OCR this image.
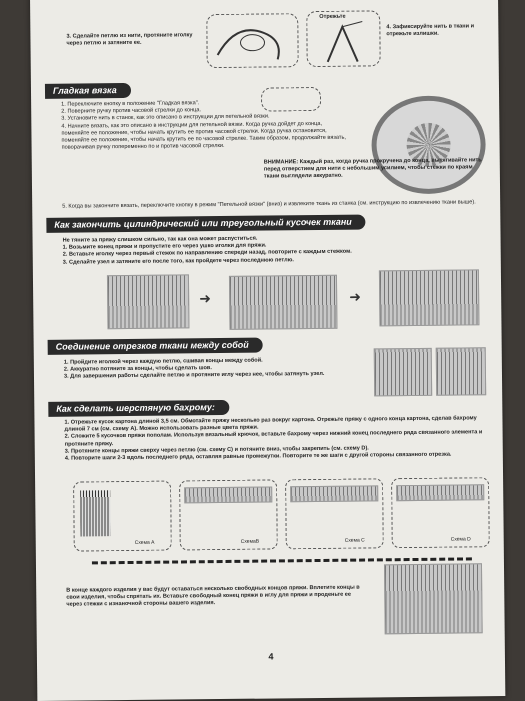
3. Сделайте петлю из нити, протяните иголку через петлю и затяните ее.
Отрежьте
4. Зафиксируйте нить в ткани и отрежьте излишки.
Гладкая вязка
1. Переключите кнопку в положение "Гладкая вязка".
2. Поверните ручку против часовой стрелки до конца.
3. Установите нить в станок, как это описано в инструкции для петельной вязки.
4. Начните вязать, как это описано в инструкции для петельной вязки. Когда ручка дойдет до конца, поменяйте ее положение, чтобы начать крутить ее против часовой стрелки. Когда ручка остановится, поменяйте ее положение, чтобы начать крутить ее по часовой стрелке. Таким образом, продолжайте вязать, поворачивая ручку попеременно по и против часовой стрелки.
ВНИМАНИЕ: Каждый раз, когда ручка прокручена до конца, вытягивайте нить перед отверстием для нити с небольшим усилием, чтобы стежки по краям ткани выглядели аккуратно.
5. Когда вы закончите вязать, переключите кнопку в режим "Петельной вязки" (вниз) и извлеките ткань из станка (см. инструкцию по извлечению ткани выше).
Как закончить цилиндрический или треугольный кусочек ткани
Не тяните за пряжу слишком сильно, так как она может распуститься.
1. Возьмите конец пряжи и пропустите его через ушко иголки для пряжи.
2. Вставьте иголку через первый стежок по направлению спереди назад, повторите с каждым стежком.
3. Сделайте узел и затяните его после того, как пройдете через последнюю петлю.
➜	➜
Соединение отрезков ткани между собой
1. Пройдите иголкой через каждую петлю, сшивая концы между собой.
2. Аккуратно потяните за концы, чтобы сделать шов.
3. Для завершения работы сделайте петлю и протяните иглу через нее, чтобы затянуть узел.
Как сделать шерстяную бахрому:
1. Отрежьте кусок картона длиной 3,5 см. Обмотайте пряжу несколько раз вокруг картона. Отрежьте пряжу с одного конца картона, сделав бахрому длиной 7 см (см. схему А). Можно использовать разные цвета пряжи.
2. Сложите 5 кусочков пряжи пополам. Используя вязальный крючок, вставьте бахрому через нижний конец последнего ряда связанного элемента и протяните пряжу.
3. Протяните концы пряжи сверху через петлю (см. схему С) и потяните вниз, чтобы закрепить (см. схему D).
4. Повторите шаги 2-3 вдоль последнего ряда, оставляя равные промежутки. Повторите те же шаги с другой стороны связанного отрезка.
Схема А	СхемаВ	Схема С	Схема D
В конце каждого изделия у вас будут оставаться несколько свободных концов пряжи. Вплетите концы в свои изделия, чтобы спрятать их. Вставьте свободный конец пряжи в иглу для пряжи и проденьте ее через стежки с изнаночной стороны вашего изделия.
4
